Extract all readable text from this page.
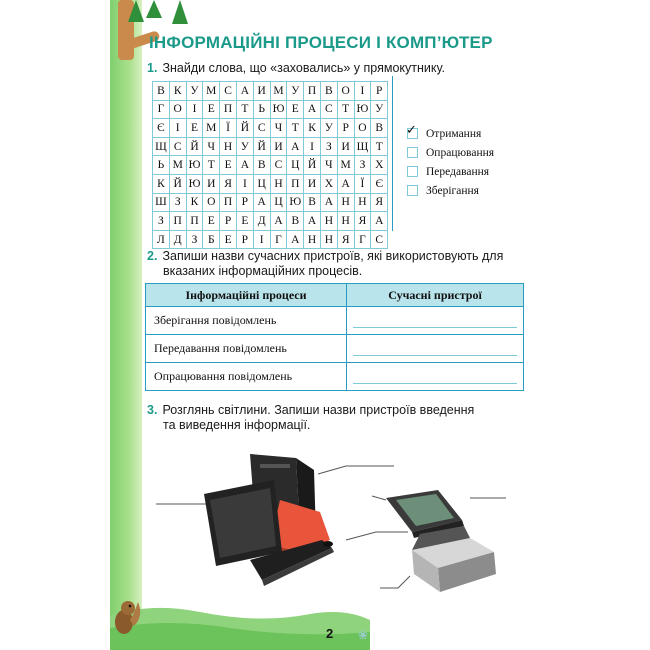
ІНФОРМАЦІЙНІ ПРОЦЕСИ І КОМП’ЮТЕР
1. Знайди слова, що «заховались» у прямокутнику.
В	К	У	М	С	А	И	М	У	П	В	О	І	Р
Г	О	І	Е	П	Т	Ь	Ю	Е	А	С	Т	Ю	У
Є	І	Е	М	Ї	Й	С	Ч	Т	К	У	Р	О	В
Щ	С	Й	Ч	Н	У	Й	И	А	І	З	И	Щ	Т
Ь	М	Ю	Т	Е	А	В	С	Ц	Й	Ч	М	З	Х
К	Й	Ю	И	Я	І	Ц	Н	П	И	Х	А	Ї	Є
Ш	З	К	О	П	Р	А	Ц	Ю	В	А	Н	Н	Я
З	П	П	Е	Р	Е	Д	А	В	А	Н	Н	Я	А
Л	Д	З	Б	Е	Р	І	Г	А	Н	Н	Я	Г	С
✓ Отримання
Опрацювання
Передавання
Зберігання
2. Запиши назви сучасних пристроїв, які використовують для
вказаних інформаційних процесів.
Інформаційні процеси	Сучасні пристрої
Зберігання повідомлень	

Передавання повідомлень	

Опрацювання повідомлень	
3. Розглянь світлини. Запиши назви пристроїв введення
та виведення інформації.
2 ❀
